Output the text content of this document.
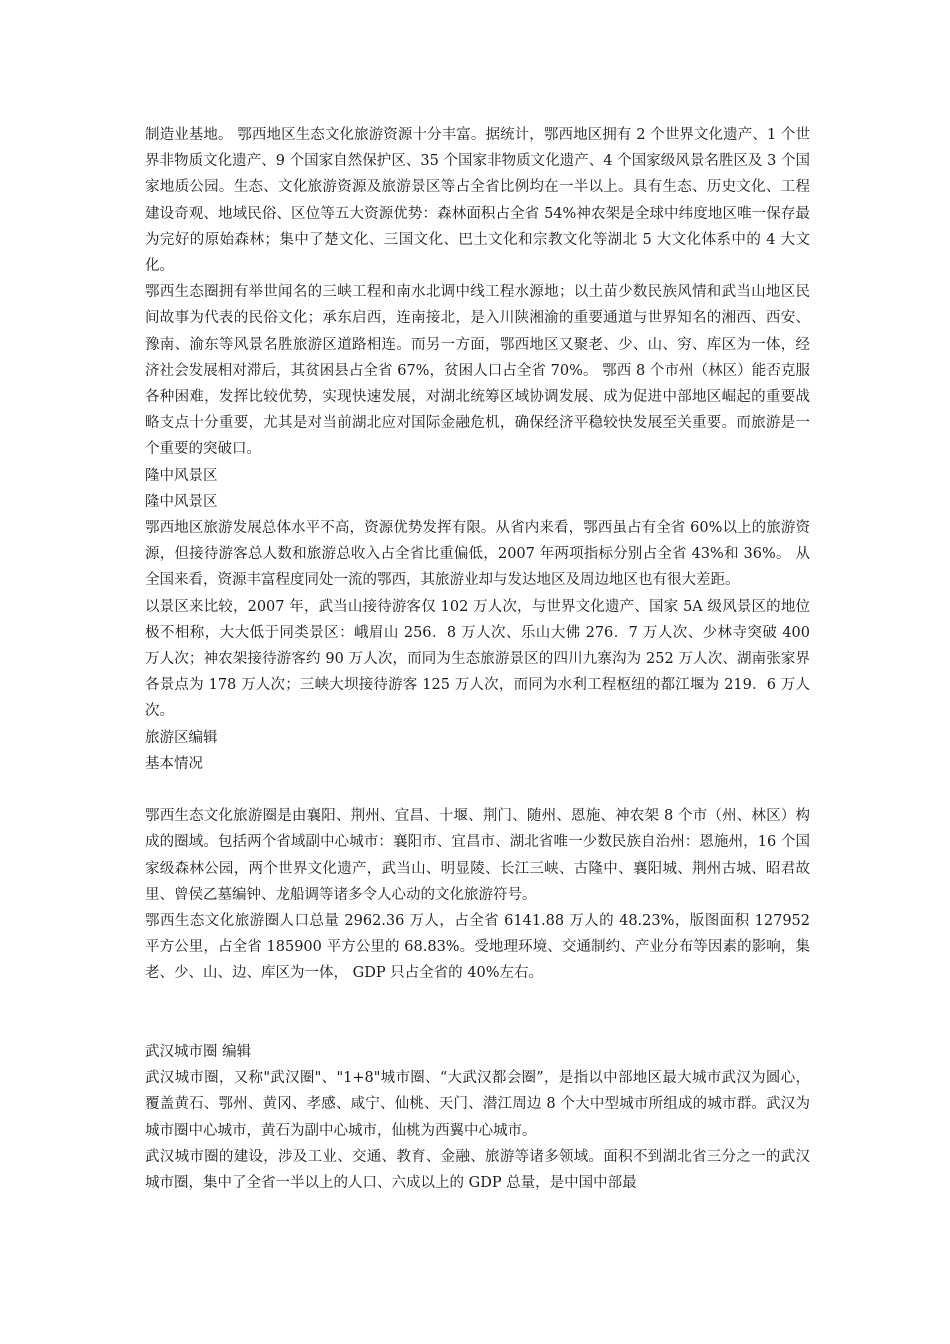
制造业基地。 鄂西地区生态文化旅游资源十分丰富。据统计，鄂西地区拥有 2 个世界文化遗产、1 个世界非物质文化遗产、9 个国家自然保护区、35 个国家非物质文化遗产、4 个国家级风景名胜区及 3 个国家地质公园。生态、文化旅游资源及旅游景区等占全省比例均在一半以上。具有生态、历史文化、工程建设奇观、地域民俗、区位等五大资源优势：森林面积占全省 54%神农架是全球中纬度地区唯一保存最为完好的原始森林；集中了楚文化、三国文化、巴土文化和宗教文化等湖北 5 大文化体系中的 4 大文化。

鄂西生态圈拥有举世闻名的三峡工程和南水北调中线工程水源地；以土苗少数民族风情和武当山地区民间故事为代表的民俗文化；承东启西，连南接北，是入川陕湘渝的重要通道与世界知名的湘西、西安、豫南、渝东等风景名胜旅游区道路相连。而另一方面，鄂西地区又聚老、少、山、穷、库区为一体，经济社会发展相对滞后，其贫困县占全省 67%，贫困人口占全省 70%。 鄂西 8 个市州（林区）能否克服各种困难，发挥比较优势，实现快速发展，对湖北统筹区域协调发展、成为促进中部地区崛起的重要战略支点十分重要，尤其是对当前湖北应对国际金融危机，确保经济平稳较快发展至关重要。而旅游是一个重要的突破口。

隆中风景区

隆中风景区

鄂西地区旅游发展总体水平不高，资源优势发挥有限。从省内来看，鄂西虽占有全省 60%以上的旅游资源，但接待游客总人数和旅游总收入占全省比重偏低，2007 年两项指标分别占全省 43%和 36%。 从全国来看，资源丰富程度同处一流的鄂西，其旅游业却与发达地区及周边地区也有很大差距。

以景区来比较，2007 年，武当山接待游客仅 102 万人次，与世界文化遗产、国家 5A 级风景区的地位极不相称，大大低于同类景区：峨眉山 256．8 万人次、乐山大佛 276．7 万人次、少林寺突破 400 万人次；神农架接待游客约 90 万人次，而同为生态旅游景区的四川九寨沟为 252 万人次、湖南张家界各景点为 178 万人次；三峡大坝接待游客 125 万人次，而同为水利工程枢纽的都江堰为 219．6 万人次。

旅游区编辑

基本情况

鄂西生态文化旅游圈是由襄阳、荆州、宜昌、十堰、荆门、随州、恩施、神农架 8 个市（州、林区）构成的圈域。包括两个省域副中心城市：襄阳市、宜昌市、湖北省唯一少数民族自治州：恩施州，16 个国家级森林公园，两个世界文化遗产，武当山、明显陵、长江三峡、古隆中、襄阳城、荆州古城、昭君故里、曾侯乙墓编钟、龙船调等诸多令人心动的文化旅游符号。

鄂西生态文化旅游圈人口总量 2962.36 万人，占全省 6141.88 万人的 48.23%，版图面积 127952 平方公里，占全省 185900 平方公里的 68.83%。受地理环境、交通制约、产业分布等因素的影响，集老、少、山、边、库区为一体， GDP 只占全省的 40%左右。

武汉城市圈 编辑

武汉城市圈，又称"武汉圈"、"1+8"城市圈、“大武汉都会圈”，是指以中部地区最大城市武汉为圆心，覆盖黄石、鄂州、黄冈、孝感、咸宁、仙桃、天门、潜江周边 8 个大中型城市所组成的城市群。武汉为城市圈中心城市，黄石为副中心城市，仙桃为西翼中心城市。

武汉城市圈的建设，涉及工业、交通、教育、金融、旅游等诸多领域。面积不到湖北省三分之一的武汉城市圈，集中了全省一半以上的人口、六成以上的 GDP 总量，是中国中部最
